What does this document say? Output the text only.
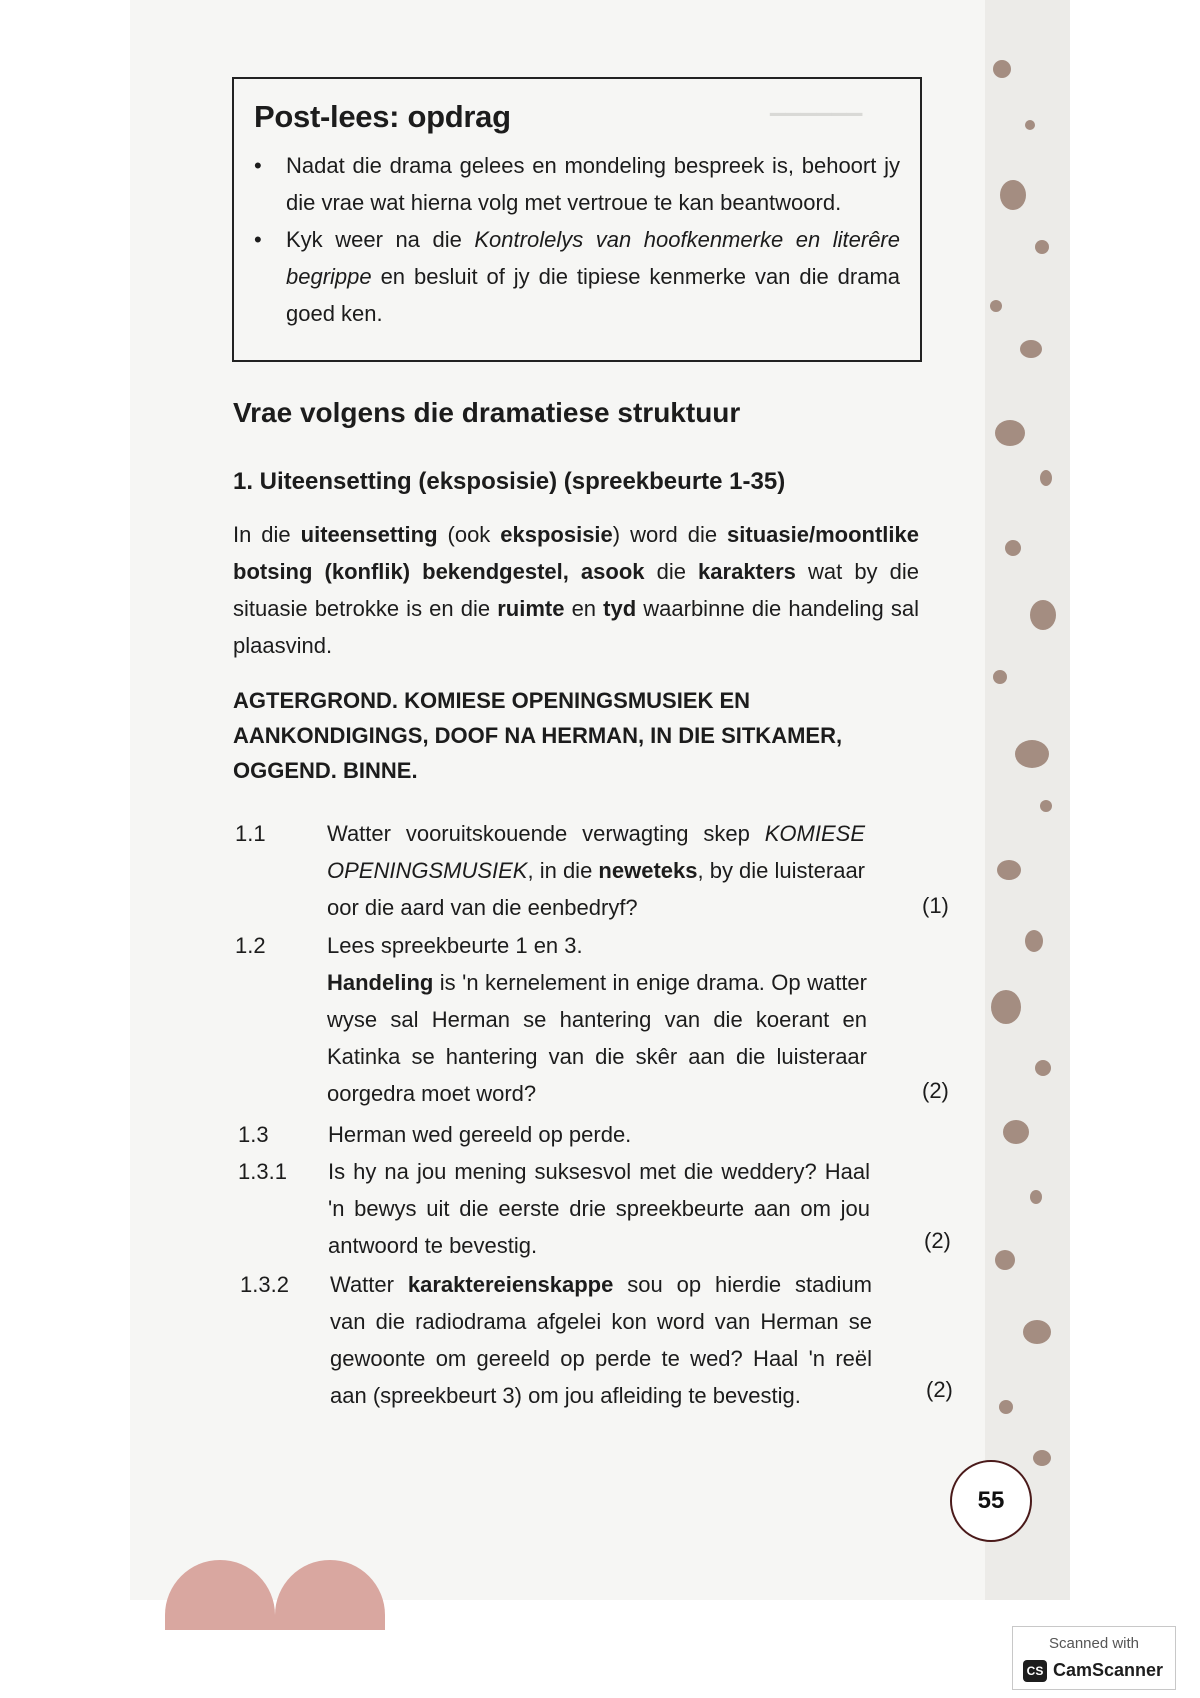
▁▁▁▁▁▁
Post-lees: opdrag
• Nadat die drama gelees en mondeling bespreek is, behoort jy die vrae wat hierna volg met vertroue te kan beantwoord.
• Kyk weer na die Kontrolelys van hoofkenmerke en literêre begrippe en besluit of jy die tipiese kenmerke van die drama goed ken.
Vrae volgens die dramatiese struktuur
1. Uiteensetting (eksposisie) (spreekbeurte 1-35)

In die uiteensetting (ook eksposisie) word die situasie/moontlike botsing (konflik) bekendgestel, asook die karakters wat by die situasie betrokke is en die ruimte en tyd waarbinne die handeling sal plaasvind.

AGTERGROND. KOMIESE OPENINGSMUSIEK EN AANKONDIGINGS, DOOF NA HERMAN, IN DIE SITKAMER, OGGEND. BINNE.

1.1	Watter vooruitskouende verwagting skep KOMIESE OPENINGSMUSIEK, in die neweteks, by die luisteraar oor die aard van die eenbedryf?	(1)
1.2	Lees spreekbeurte 1 en 3.
Handeling is 'n kernelement in enige drama. Op watter wyse sal Herman se hantering van die koerant en Katinka se hantering van die skêr aan die luisteraar oorgedra moet word?	(2)
1.3	Herman wed gereeld op perde.
1.3.1 Is hy na jou mening suksesvol met die weddery? Haal 'n bewys uit die eerste drie spreekbeurte aan om jou antwoord te bevestig.	(2)
1.3.2 Watter karaktereienskappe sou op hierdie stadium van die radiodrama afgelei kon word van Herman se gewoonte om gereeld op perde te wed? Haal 'n reël aan (spreekbeurt 3) om jou afleiding te bevestig.	(2)
55
Scanned with
CS CamScanner
